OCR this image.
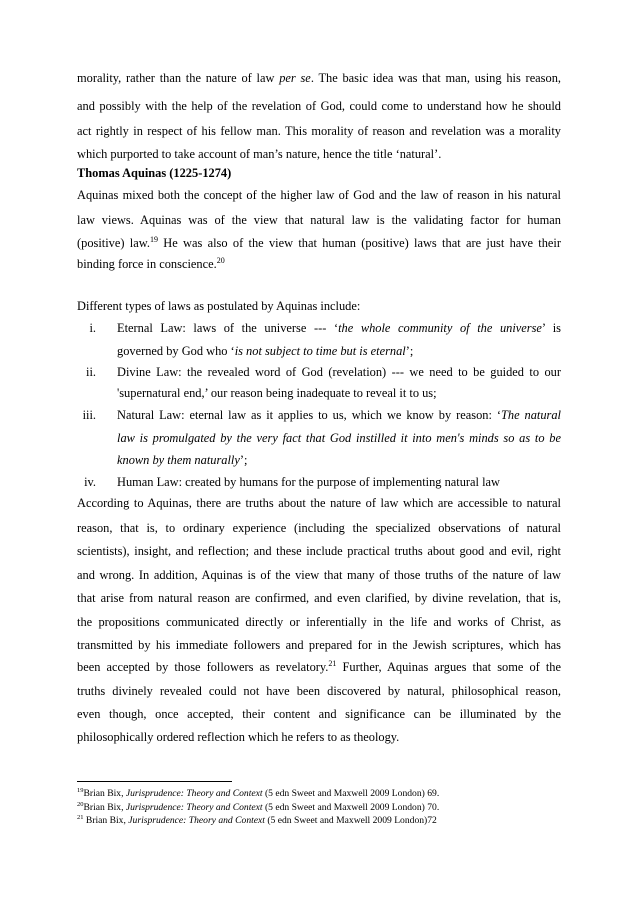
morality, rather than the nature of law per se. The basic idea was that man, using his reason,
and possibly with the help of the revelation of God, could come to understand how he should
act rightly in respect of his fellow man. This morality of reason and revelation was a morality
which purported to take account of man’s nature, hence the title ‘natural’.
Thomas Aquinas (1225-1274)
Aquinas mixed both the concept of the higher law of God and the law of reason in his natural
law views. Aquinas was of the view that natural law is the validating factor for human
(positive) law.$^{19}$ He was also of the view that human (positive) laws that are just have their
binding force in conscience.$^{20}$
Different types of laws as postulated by Aquinas include:
i. Eternal Law: laws of the universe --- ‘the whole community of the universe’ is
governed by God who ‘is not subject to time but is eternal’;
ii. Divine Law: the revealed word of God (revelation) --- we need to be guided to our
'supernatural end,’ our reason being inadequate to reveal it to us;
iii. Natural Law: eternal law as it applies to us, which we know by reason: ‘The natural
law is promulgated by the very fact that God instilled it into men's minds so as to be
known by them naturally’;
iv. Human Law: created by humans for the purpose of implementing natural law
According to Aquinas, there are truths about the nature of law which are accessible to natural
reason, that is, to ordinary experience (including the specialized observations of natural
scientists), insight, and reflection; and these include practical truths about good and evil, right
and wrong. In addition, Aquinas is of the view that many of those truths of the nature of law
that arise from natural reason are confirmed, and even clarified, by divine revelation, that is,
the propositions communicated directly or inferentially in the life and works of Christ, as
transmitted by his immediate followers and prepared for in the Jewish scriptures, which has
been accepted by those followers as revelatory.$^{21}$ Further, Aquinas argues that some of the
truths divinely revealed could not have been discovered by natural, philosophical reason,
even though, once accepted, their content and significance can be illuminated by the
philosophically ordered reflection which he refers to as theology.
$^{19}$Brian Bix, Jurisprudence: Theory and Context (5 edn Sweet and Maxwell 2009 London) 69.
$^{20}$Brian Bix, Jurisprudence: Theory and Context (5 edn Sweet and Maxwell 2009 London) 70.
$^{21}$ Brian Bix, Jurisprudence: Theory and Context (5 edn Sweet and Maxwell 2009 London)72
